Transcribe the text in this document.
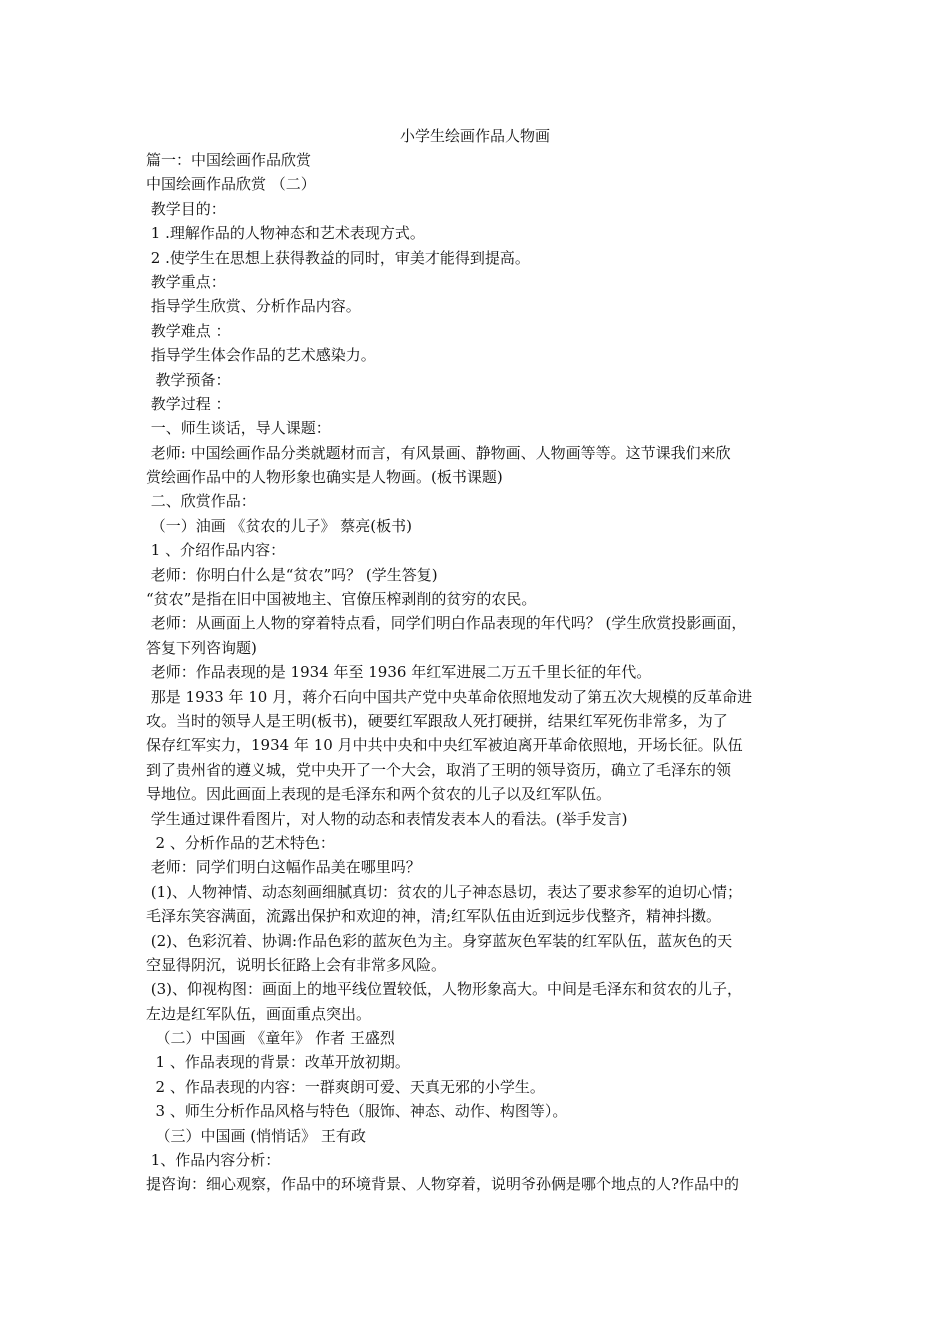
小学生绘画作品人物画
篇一：中国绘画作品欣赏
中国绘画作品欣赏 （二）
教学目的：
1 .理解作品的人物神态和艺术表现方式。
2 .使学生在思想上获得教益的同时，审美才能得到提高。
教学重点：
指导学生欣赏、分析作品内容。
教学难点 ：
指导学生体会作品的艺术感染力。
教学预备：
教学过程 ：
一、师生谈话，导人课题：
老师: 中国绘画作品分类就题材而言，有风景画、静物画、人物画等等。这节课我们来欣
赏绘画作品中的人物形象也确实是人物画。(板书课题)
二、欣赏作品：
（一）油画 《贫农的儿子》 蔡亮(板书)
1 、介绍作品内容：
老师：你明白什么是“贫农”吗？ (学生答复)
“贫农”是指在旧中国被地主、官僚压榨剥削的贫穷的农民。
老师：从画面上人物的穿着特点看，同学们明白作品表现的年代吗？ (学生欣赏投影画面，
答复下列咨询题)
老师：作品表现的是 1934 年至 1936 年红军进展二万五千里长征的年代。
那是 1933 年 10 月，蒋介石向中国共产党中央革命依照地发动了第五次大规模的反革命进
攻。当时的领导人是王明(板书)，硬要红军跟敌人死打硬拼，结果红军死伤非常多，为了
保存红军实力，1934 年 10 月中共中央和中央红军被迫离开革命依照地，开场长征。队伍
到了贵州省的遵义城，党中央开了一个大会，取消了王明的领导资历，确立了毛泽东的领
导地位。因此画面上表现的是毛泽东和两个贫农的儿子以及红军队伍。
学生通过课件看图片，对人物的动态和表情发表本人的看法。(举手发言)
2 、分析作品的艺术特色：
老师：同学们明白这幅作品美在哪里吗？
(1)、人物神情、动态刻画细腻真切：贫农的儿子神态恳切，表达了要求参军的迫切心情；
毛泽东笑容满面，流露出保护和欢迎的神，清;红军队伍由近到远步伐整齐，精神抖擞。
(2)、色彩沉着、协调:作品色彩的蓝灰色为主。身穿蓝灰色军装的红军队伍，蓝灰色的天
空显得阴沉，说明长征路上会有非常多风险。
(3)、仰视构图：画面上的地平线位置较低，人物形象高大。中间是毛泽东和贫农的儿子，
左边是红军队伍，画面重点突出。
（二）中国画 《童年》 作者 王盛烈
1 、作品表现的背景：改革开放初期。
2 、作品表现的内容：一群爽朗可爱、天真无邪的小学生。
3 、师生分析作品风格与特色（服饰、神态、动作、构图等）。
（三）中国画 (悄悄话》 王有政
1、作品内容分析：
提咨询：细心观察，作品中的环境背景、人物穿着，说明爷孙俩是哪个地点的人?作品中的
